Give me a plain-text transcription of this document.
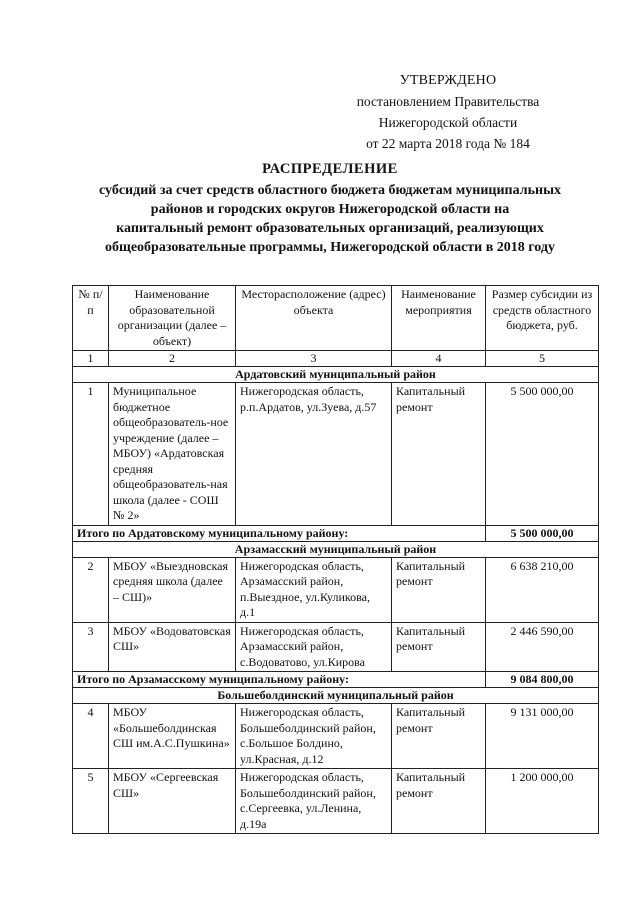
УТВЕРЖДЕНО
постановлением Правительства
Нижегородской области
от 22 марта 2018 года № 184
РАСПРЕДЕЛЕНИЕ
субсидий за счет средств областного бюджета бюджетам муниципальных
районов и городских округов Нижегородской области на
капитальный ремонт образовательных организаций, реализующих
общеобразовательные программы, Нижегородской области в 2018 году
№ п/п	Наименование образовательной организации (далее – объект)	Месторасположение (адрес) объекта	Наименование мероприятия	Размер субсидии из средств областного бюджета, руб.
1	2	3	4	5
Ардатовский муниципальный район				
1	Муниципальное бюджетное общеобразователь-ное учреждение (далее – МБОУ) «Ардатовская средняя общеобразователь-ная школа (далее - СОШ № 2»	Нижегородская область, р.п.Ардатов, ул.Зуева, д.57	Капитальный ремонт	5 500 000,00
Итого по Ардатовскому муниципальному району:				5 500 000,00
Арзамасский муниципальный район				
2	МБОУ «Выездновская средняя школа (далее – СШ)»	Нижегородская область, Арзамасский район, п.Выездное, ул.Куликова, д.1	Капитальный ремонт	6 638 210,00
3	МБОУ «Водоватовская СШ»	Нижегородская область, Арзамасский район, с.Водоватово, ул.Кирова	Капитальный ремонт	2 446 590,00
Итого по Арзамасскому муниципальному району:				9 084 800,00
Большеболдинский муниципальный район				
4	МБОУ «Большеболдинская СШ им.А.С.Пушкина»	Нижегородская область, Большеболдинский район, с.Большое Болдино, ул.Красная, д.12	Капитальный ремонт	9 131 000,00
5	МБОУ «Сергеевская СШ»	Нижегородская область, Большеболдинский район, с.Сергеевка, ул.Ленина, д.19а	Капитальный ремонт	1 200 000,00
